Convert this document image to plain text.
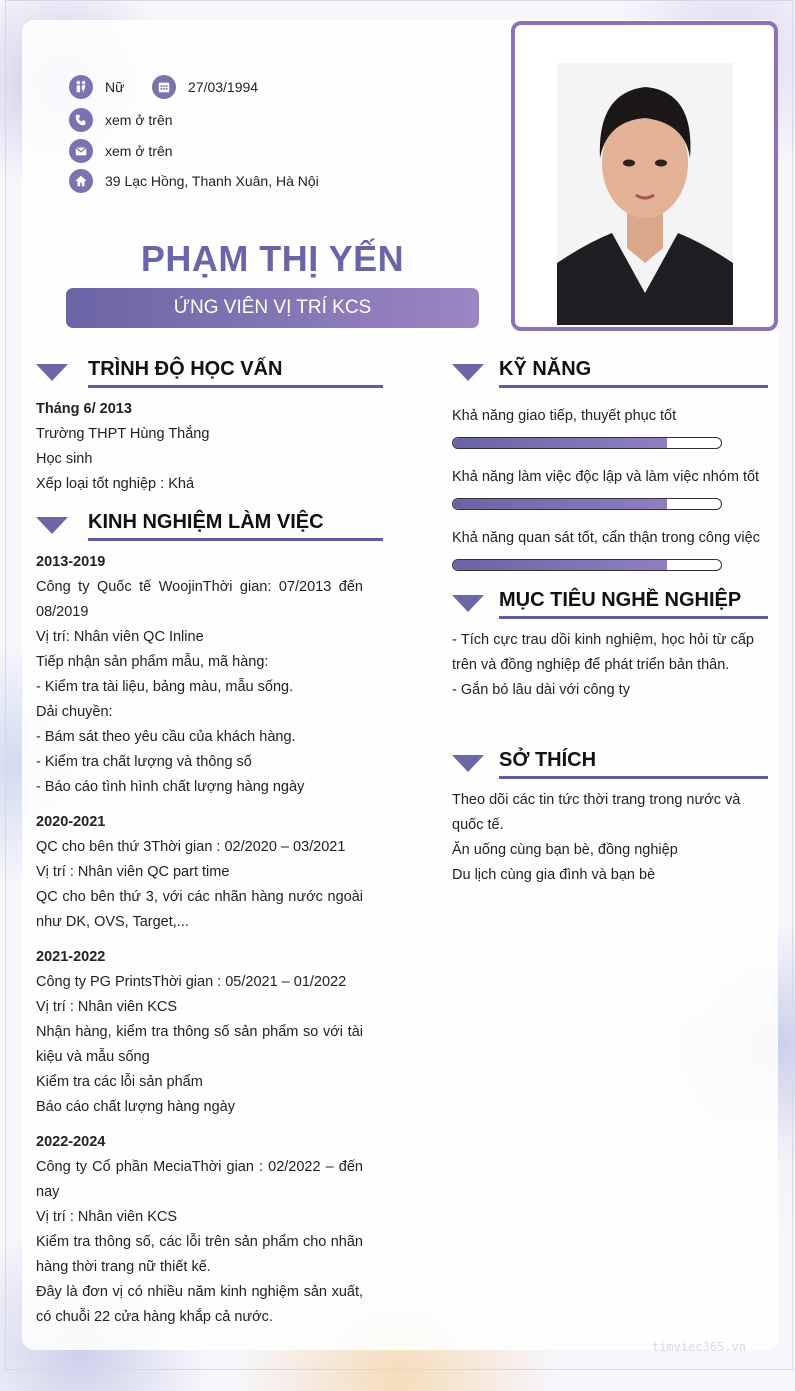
Nữ	27/03/1994
xem ở trên
xem ở trên
39 Lạc Hồng, Thanh Xuân, Hà Nội
PHẠM THỊ YẾN
ỨNG VIÊN VỊ TRÍ KCS
TRÌNH ĐỘ HỌC VẤN
Tháng 6/ 2013
Trường THPT Hùng Thắng
Học sinh
Xếp loại tốt nghiệp : Khá
KINH NGHIỆM LÀM VIỆC
2013-2019
Công ty Quốc tế WoojinThời gian: 07/2013 đến 08/2019
Vị trí: Nhân viên QC Inline
Tiếp nhận sản phẩm mẫu, mã hàng:
- Kiểm tra tài liệu, bảng màu, mẫu sống.
Dải chuyền:
- Bám sát theo yêu cầu của khách hàng.
- Kiểm tra chất lượng và thông số
- Báo cáo tình hình chất lượng hàng ngày
2020-2021
QC cho bên thứ 3Thời gian : 02/2020 – 03/2021
Vị trí : Nhân viên QC part time
QC cho bên thứ 3, với các nhãn hàng nước ngoài như DK, OVS, Target,...
2021-2022
Công ty PG PrintsThời gian : 05/2021 – 01/2022
Vị trí : Nhân viên KCS
Nhận hàng, kiểm tra thông số sản phẩm so với tài kiệu và mẫu sống
Kiểm tra các lỗi sản phẩm
Báo cáo chất lượng hàng ngày
2022-2024
Công ty Cổ phần MeciaThời gian : 02/2022 – đến nay
Vị trí : Nhân viên KCS
Kiểm tra thông số, các lỗi trên sản phẩm cho nhãn hàng thời trang nữ thiết kế.
Đây là đơn vị có nhiều năm kinh nghiệm sản xuất, có chuỗi 22 cửa hàng khắp cả nước.
KỸ NĂNG
Khả năng giao tiếp, thuyết phục tốt
Khả năng làm việc độc lập và làm việc nhóm tốt
Khả năng quan sát tốt, cẩn thận trong công việc
MỤC TIÊU NGHỀ NGHIỆP
- Tích cực trau dồi kinh nghiệm, học hỏi từ cấp trên và đồng nghiệp để phát triển bản thân.
- Gắn bó lâu dài với công ty
SỞ THÍCH
Theo dõi các tin tức thời trang trong nước và quốc tế.
Ăn uống cùng bạn bè, đồng nghiệp
Du lịch cùng gia đình và bạn bè
timviec365.vn
